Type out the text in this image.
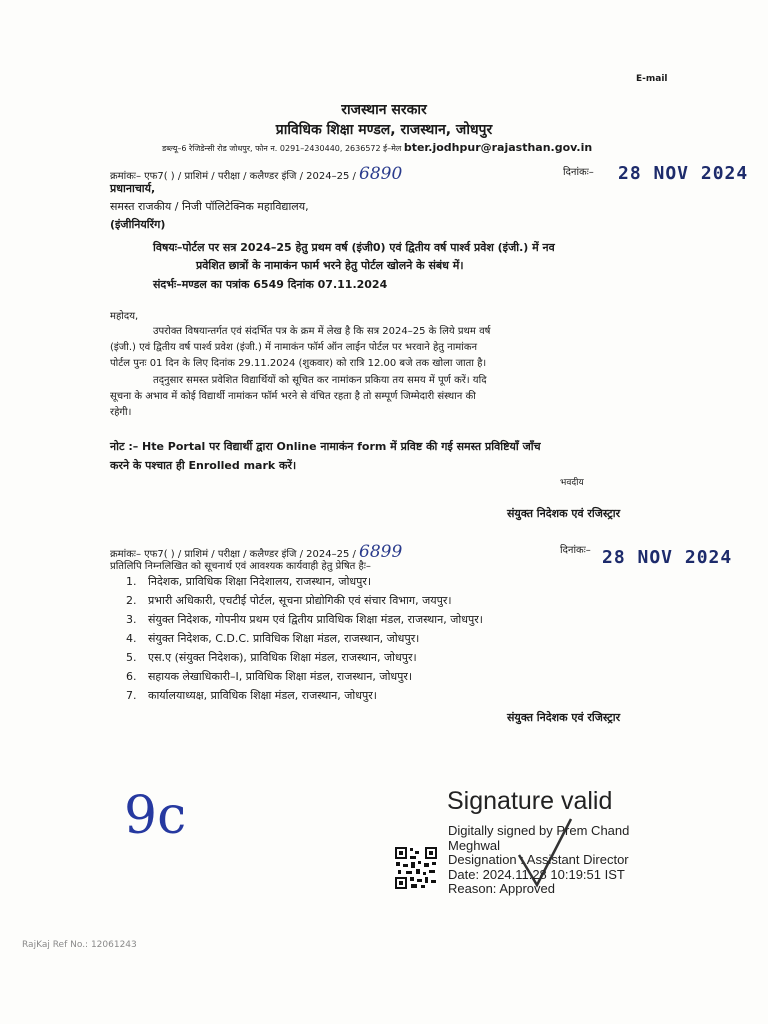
E-mail
राजस्थान सरकार
प्राविधिक शिक्षा मण्डल, राजस्थान, जोधपुर
डब्ल्यू–6 रेजिडेन्सी रोड जोधपुर, फोन न. 0291–2430440, 2636572 ई–मेल bter.jodhpur@rajasthan.gov.in
क्रमांकः– एफ7( ) / प्राशिमं / परीक्षा / कलैण्डर इंजि / 2024–25 / 6890	दिनांकः– 28 NOV 2024
प्रधानाचार्य,
समस्त राजकीय / निजी पॉलिटेक्निक महाविद्यालय,
(इंजीनियरिंग)
विषयः–पोर्टल पर सत्र 2024–25 हेतु प्रथम वर्ष (इंजी0) एवं द्वितीय वर्ष पार्श्व प्रवेश (इंजी.) में नव
प्रवेशित छात्रों के नामाकंन फार्म भरने हेतु पोर्टल खोलने के संबंध में।
संदर्भः–मण्डल का पत्रांक 6549 दिनांक 07.11.2024
महोदय,
उपरोक्त विषयान्तर्गत एवं संदर्भित पत्र के क्रम में लेख है कि सत्र 2024–25 के लिये प्रथम वर्ष
(इंजी.) एवं द्वितीय वर्ष पार्श्व प्रवेश (इंजी.) में नामाकंन फॉर्म ऑन लाईन पोर्टल पर भरवाने हेतु नामांकन
पोर्टल पुनः 01 दिन के लिए दिनांक 29.11.2024 (शुकवार) को रात्रि 12.00 बजे तक खोला जाता है।
तद्नुसार समस्त प्रवेशित विद्यार्थियों को सूचित कर नामांकन प्रकिया तय समय में पूर्ण करें। यदि
सूचना के अभाव में कोई विद्यार्थी नामांकन फॉर्म भरने से वंचित रहता है तो सम्पूर्ण जिम्मेदारी संस्थान की
रहेगी।
नोट :– Hte Portal पर विद्यार्थी द्वारा Online नामाकंन form में प्रविष्ट की गई समस्त प्रविष्टियाँ जाँच
करने के पश्चात ही Enrolled mark करें।
भवदीय
संयुक्त निदेशक एवं रजिस्ट्रार
क्रमांकः– एफ7( ) / प्राशिमं / परीक्षा / कलैण्डर इंजि / 2024–25 / 6899	दिनांकः– 28 NOV 2024
प्रतिलिपि निम्नलिखित को सूचनार्थ एवं आवश्यक कार्यवाही हेतु प्रेषित हैः–
1. निदेशक, प्राविधिक शिक्षा निदेशालय, राजस्थान, जोधपुर।
2. प्रभारी अधिकारी, एचटीई पोर्टल, सूचना प्रोद्योगिकी एवं संचार विभाग, जयपुर।
3. संयुक्त निदेशक, गोपनीय प्रथम एवं द्वितीय प्राविधिक शिक्षा मंडल, राजस्थान, जोधपुर।
4. संयुक्त निदेशक, C.D.C. प्राविधिक शिक्षा मंडल, राजस्थान, जोधपुर।
5. एस.ए (संयुक्त निदेशक), प्राविधिक शिक्षा मंडल, राजस्थान, जोधपुर।
6. सहायक लेखाधिकारी–I, प्राविधिक शिक्षा मंडल, राजस्थान, जोधपुर।
7. कार्यालयाध्यक्ष, प्राविधिक शिक्षा मंडल, राजस्थान, जोधपुर।
संयुक्त निदेशक एवं रजिस्ट्रार
9c	Signature valid
Digitally signed by Prem Chand
Meghwal
Designation : Assistant Director
Date: 2024.11.28 10:19:51 IST
Reason: Approved
RajKaj Ref No.: 12061243
